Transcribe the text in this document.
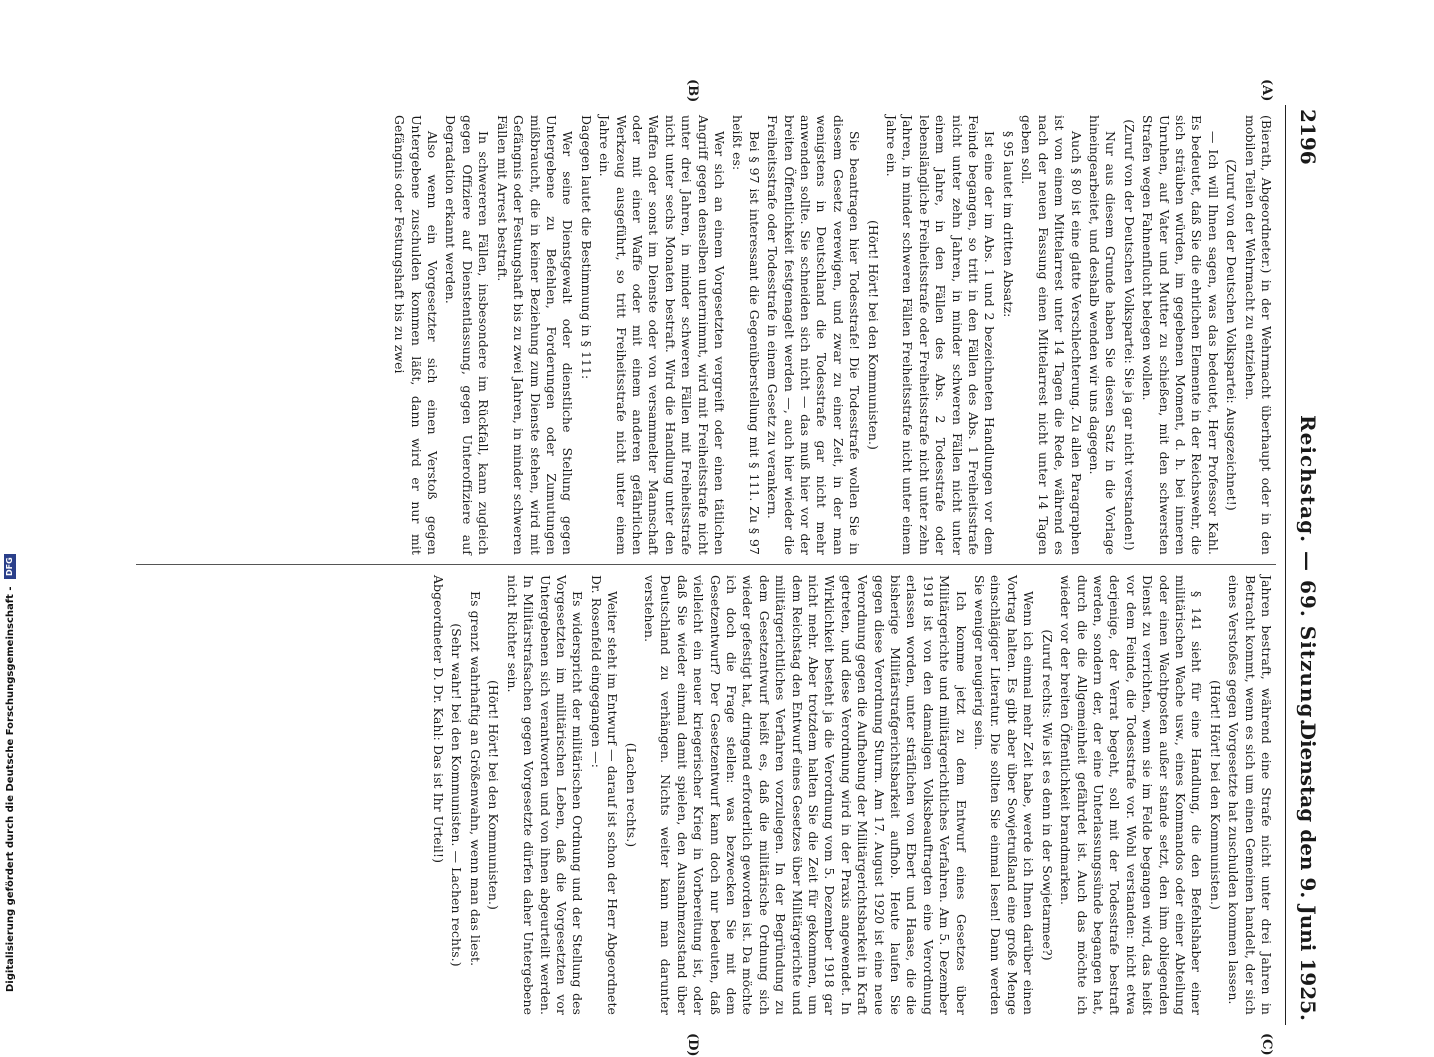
Digitalisierung gefördert durch die Deutsche Forschungsgemeinschaft - DFG
2196
Reichstag. — 69. Sitzung.
Dienstag den 9. Juni 1925.
(A)
(B)
(C)
(D)

(Bierath, Abgeordneter.) in der Wehrmacht überhaupt oder in den mobilen Teilen der Wehrmacht zu entziehen.

(Zuruf von der Deutschen Volkspartei: Ausgezeichnet!)

— Ich will Ihnen sagen, was das bedeutet, Herr Professor Kahl. Es bedeutet, daß Sie die ehrlichen Elemente in der Reichswehr, die sich sträuben würden, im gegebenen Moment, d. h. bei inneren Unruhen, auf Vater und Mutter zu schießen, mit den schwersten Strafen wegen Fahnenflucht belegen wollen.

(Zuruf von der Deutschen Volkspartei: Sie ja gar nicht verstanden!)

Nur aus diesem Grunde haben Sie diesen Satz in die Vorlage hineingearbeitet, und deshalb wenden wir uns dagegen.

Auch § 80 ist eine glatte Verschlechterung. Zu allen Paragraphen ist von einem Mittelarrest unter 14 Tagen die Rede, während es nach der neuen Fassung einen Mittelarrest nicht unter 14 Tagen geben soll.

§ 95 lautet im dritten Absatz:

Ist eine der im Abs. 1 und 2 bezeichneten Handlungen vor dem Feinde begangen, so tritt in den Fällen des Abs. 1 Freiheitsstrafe nicht unter zehn Jahren, in minder schweren Fällen nicht unter einem Jahre, in den Fällen des Abs. 2 Todesstrafe oder lebenslängliche Freiheitsstrafe oder Freiheitsstrafe nicht unter zehn Jahren, in minder schweren Fällen Freiheitsstrafe nicht unter einem Jahre ein.

(Hört! Hört! bei den Kommunisten.)

Sie beantragen hier Todesstrafe! Die Todesstrafe wollen Sie in diesem Gesetz verewigen, und zwar zu einer Zeit, in der man wenigstens in Deutschland die Todesstrafe gar nicht mehr anwenden sollte. Sie schneiden sich nicht — das muß hier vor der breiten Öffentlichkeit festgenagelt werden —, auch hier wieder die Freiheitsstrafe oder Todesstrafe in einem Gesetz zu verankern.

Bei § 97 ist interessant die Gegenüberstellung mit § 111. Zu § 97 heißt es:

Wer sich an einem Vorgesetzten vergreift oder einen tätlichen Angriff gegen denselben unternimmt, wird mit Freiheitsstrafe nicht unter drei Jahren, in minder schweren Fällen mit Freiheitsstrafe nicht unter sechs Monaten bestraft. Wird die Handlung unter den Waffen oder sonst im Dienste oder von versammelter Mannschaft oder mit einer Waffe oder mit einem anderen gefährlichen Werkzeug ausgeführt, so tritt Freiheitsstrafe nicht unter einem Jahre ein.

Dagegen lautet die Bestimmung in § 111:

Wer seine Dienstgewalt oder dienstliche Stellung gegen Untergebene zu Befehlen, Forderungen oder Zumutungen mißbraucht, die in keiner Beziehung zum Dienste stehen, wird mit Gefängnis oder Festungshaft bis zu zwei Jahren, in minder schweren Fällen mit Arrest bestraft.

In schwereren Fällen, insbesondere im Rückfall, kann zugleich gegen Offiziere auf Dienstentlassung, gegen Unteroffiziere auf Degradation erkannt werden.

Also wenn ein Vorgesetzter sich einen Verstoß gegen Untergebene zuschulden kommen läßt, dann wird er nur mit Gefängnis oder Festungshaft bis zu zwei

Jahren bestraft, während eine Strafe nicht unter drei Jahren in Betracht kommt, wenn es sich um einen Gemeinen handelt, der sich eines Verstoßes gegen Vorgesetzte hat zuschulden kommen lassen.

(Hört! Hört! bei den Kommunisten.)

§ 141 sieht für eine Handlung, die den Befehlshaber einer militärischen Wache usw., eines Kommandos oder einer Abteilung oder einen Wachtposten außer stande setzt, den ihm obliegenden Dienst zu verrichten, wenn sie im Felde begangen wird, das heißt vor dem Feinde, die Todesstrafe vor. Wohl verstanden: nicht etwa derjenige, der Verrat begeht, soll mit der Todesstrafe bestraft werden, sondern der, der eine Unterlassungssünde begangen hat, durch die die Allgemeinheit gefährdet ist. Auch das möchte ich wieder vor der breiten Öffentlichkeit brandmarken.

(Zuruf rechts: Wie ist es denn in der Sowjetarmee?)

Wenn ich einmal mehr Zeit habe, werde ich Ihnen darüber einen Vortrag halten. Es gibt aber über Sowjetrußland eine große Menge einschlägiger Literatur. Die sollten Sie einmal lesen! Dann werden Sie weniger neugierig sein.

Ich komme jetzt zu dem Entwurf eines Gesetzes über Militärgerichte und militärgerichtliches Verfahren. Am 5. Dezember 1918 ist von den damaligen Volksbeauftragten eine Verordnung erlassen worden, unter sträflichen von Ebert und Haase, die die bisherige Militärstrafgerichtsbarkeit aufhob. Heute laufen Sie gegen diese Verordnung Sturm. Am 17. August 1920 ist eine neue Verordnung gegen die Aufhebung der Militärgerichtsbarkeit in Kraft getreten, und diese Verordnung wird in der Praxis angewendet. In Wirklichkeit besteht ja die Verordnung vom 5. Dezember 1918 gar nicht mehr. Aber trotzdem halten Sie die Zeit für gekommen, um dem Reichstag den Entwurf eines Gesetzes über Militärgerichte und militärgerichtliches Verfahren vorzulegen. In der Begründung zu dem Gesetzentwurf heißt es, daß die militärische Ordnung sich wieder gefestigt hat, dringend erforderlich geworden ist. Da möchte ich doch die Frage stellen: was bezwecken Sie mit dem Gesetzentwurf? Der Gesetzentwurf kann doch nur bedeuten, daß vielleicht ein neuer kriegerischer Krieg in Vorbereitung ist, oder daß Sie wieder einmal damit spielen, den Ausnahmezustand über Deutschland zu verhängen. Nichts weiter kann man darunter verstehen.

(Lachen rechts.)

Weiter steht im Entwurf — darauf ist schon der Herr Abgeordnete Dr. Rosenfeld eingegangen —:

Es widerspricht der militärischen Ordnung und der Stellung des Vorgesetzten im militärischen Leben, daß die Vorgesetzten vor Untergebenen sich verantworten und von ihnen abgeurteilt werden. In Militärstrafsachen gegen Vorgesetzte dürfen daher Untergebene nicht Richter sein.

(Hört! Hört! bei den Kommunisten.)

Es grenzt wahrhaftig an Größenwahn, wenn man das liest.

(Sehr wahr! bei den Kommunisten. — Lachen rechts.)

Abgeordneter D. Dr. Kahl: Das ist Ihr Urteil!)
